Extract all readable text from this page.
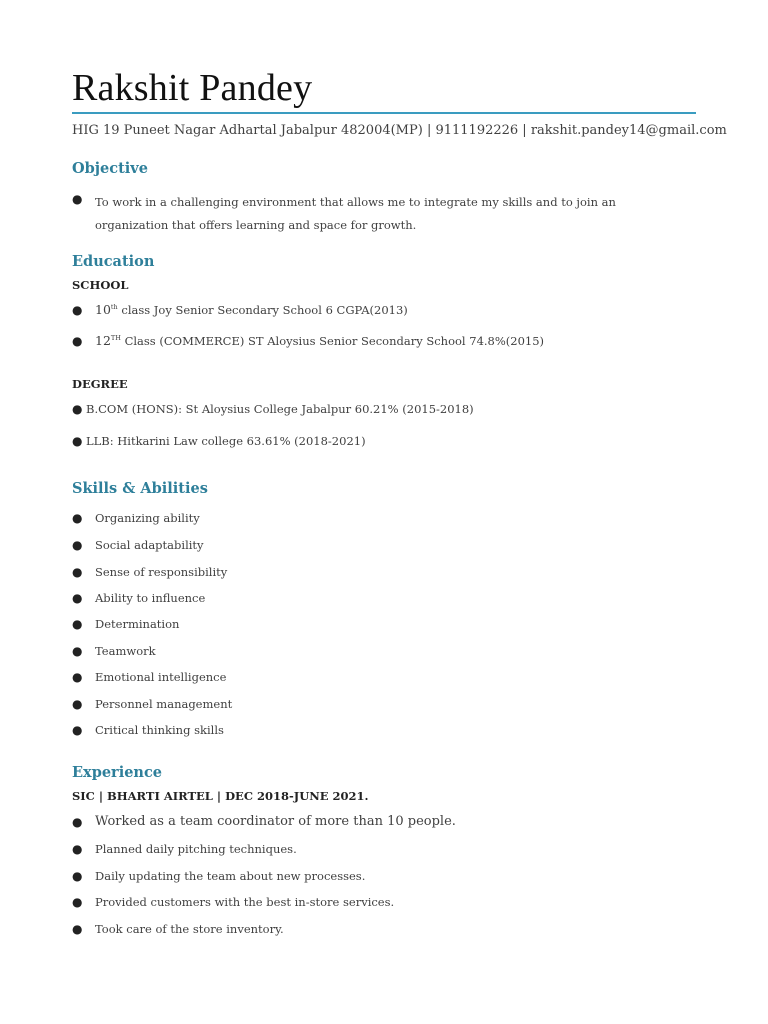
Rakshit Pandey
HIG 19 Puneet Nagar Adhartal Jabalpur 482004(MP) | 9111192226 | rakshit.pandey14@gmail.com
Objective
● To work in a challenging environment that allows me to integrate my skills and to join an organization that offers learning and space for growth.
Education
SCHOOL
● 10th class Joy Senior Secondary School 6 CGPA(2013)
● 12TH Class (COMMERCE) ST Aloysius Senior Secondary School 74.8%(2015)
DEGREE
● B.COM (HONS): St Aloysius College Jabalpur 60.21% (2015-2018)
● LLB: Hitkarini Law college 63.61% (2018-2021)
Skills & Abilities
● Organizing ability
● Social adaptability
● Sense of responsibility
● Ability to influence
● Determination
● Teamwork
● Emotional intelligence
● Personnel management
● Critical thinking skills
Experience
SIC | BHARTI AIRTEL | DEC 2018-JUNE 2021.
● Worked as a team coordinator of more than 10 people.
● Planned daily pitching techniques.
● Daily updating the team about new processes.
● Provided customers with the best in-store services.
● Took care of the store inventory.
